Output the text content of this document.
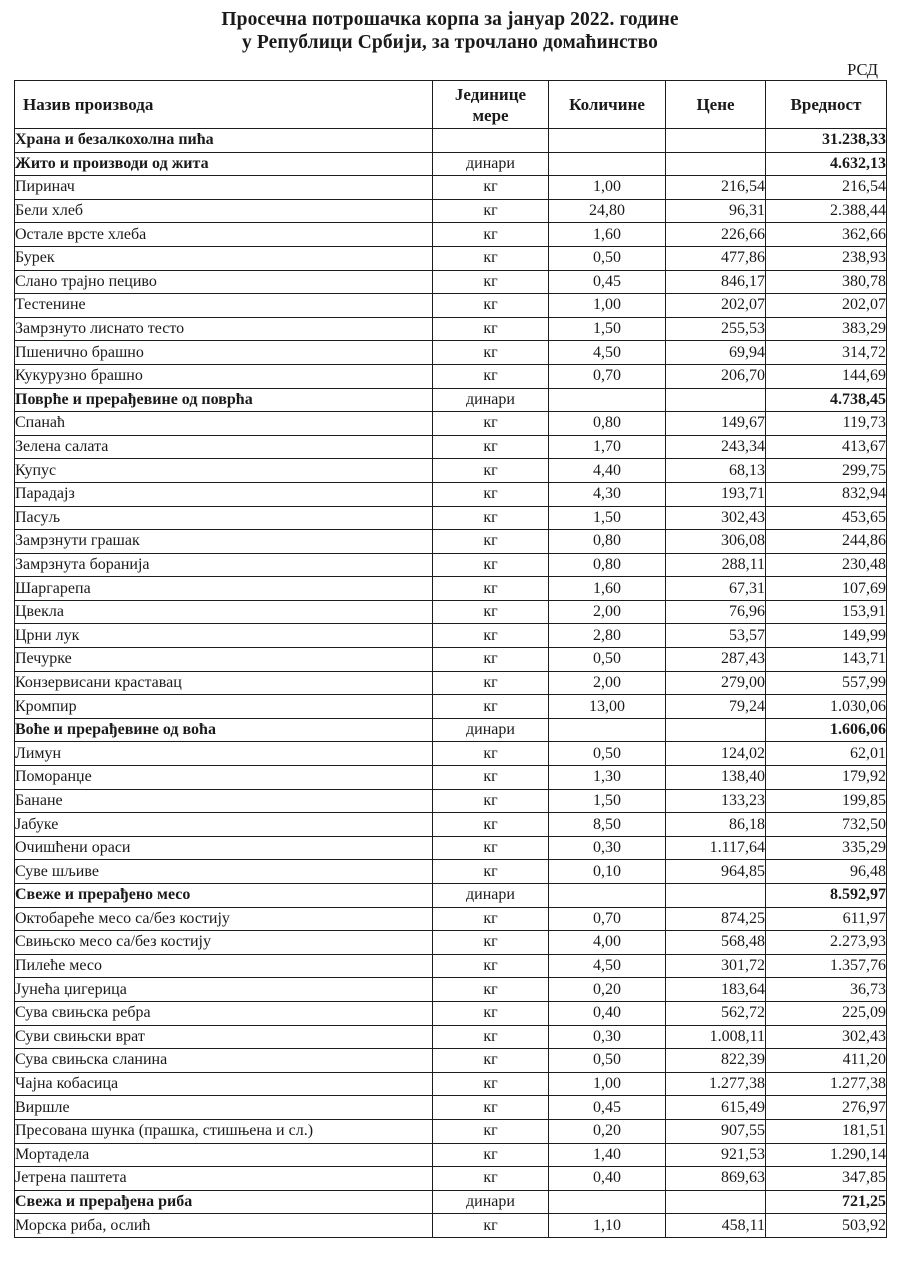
Просечна потрошачка корпа за јануар 2022. године
у Републици Србији, за трочлано домаћинство
РСД
Назив производа	Јединице мере	Количине	Цене	Вредност
Храна и безалкохолна пића				31.238,33
Жито и производи од жита	динари			4.632,13
Пиринач	кг	1,00	216,54	216,54
Бели хлеб	кг	24,80	96,31	2.388,44
Остале врсте хлеба	кг	1,60	226,66	362,66
Бурек	кг	0,50	477,86	238,93
Слано трајно пециво	кг	0,45	846,17	380,78
Тестенине	кг	1,00	202,07	202,07
Замрзнуто лиснато тесто	кг	1,50	255,53	383,29
Пшенично брашно	кг	4,50	69,94	314,72
Кукурузно брашно	кг	0,70	206,70	144,69
Поврће и прерађевине од поврћа	динари			4.738,45
Спанаћ	кг	0,80	149,67	119,73
Зелена салата	кг	1,70	243,34	413,67
Купус	кг	4,40	68,13	299,75
Парадајз	кг	4,30	193,71	832,94
Пасуљ	кг	1,50	302,43	453,65
Замрзнути грашак	кг	0,80	306,08	244,86
Замрзнута боранија	кг	0,80	288,11	230,48
Шаргарепа	кг	1,60	67,31	107,69
Цвекла	кг	2,00	76,96	153,91
Црни лук	кг	2,80	53,57	149,99
Печурке	кг	0,50	287,43	143,71
Конзервисани краставац	кг	2,00	279,00	557,99
Кромпир	кг	13,00	79,24	1.030,06
Воће и прерађевине од воћа	динари			1.606,06
Лимун	кг	0,50	124,02	62,01
Поморанџе	кг	1,30	138,40	179,92
Банане	кг	1,50	133,23	199,85
Јабуке	кг	8,50	86,18	732,50
Очишћени ораси	кг	0,30	1.117,64	335,29
Суве шљиве	кг	0,10	964,85	96,48
Свеже и прерађено месо	динари			8.592,97
Октобареће месо са/без костију	кг	0,70	874,25	611,97
Свињско месо са/без костију	кг	4,00	568,48	2.273,93
Пилеће месо	кг	4,50	301,72	1.357,76
Јунећа џигерица	кг	0,20	183,64	36,73
Сува свињска ребра	кг	0,40	562,72	225,09
Суви свињски врат	кг	0,30	1.008,11	302,43
Сува свињска сланина	кг	0,50	822,39	411,20
Чајна кобасица	кг	1,00	1.277,38	1.277,38
Виршле	кг	0,45	615,49	276,97
Пресована шунка (прашка, стишњена и сл.)	кг	0,20	907,55	181,51
Мортадела	кг	1,40	921,53	1.290,14
Јетрена паштета	кг	0,40	869,63	347,85
Свежа и прерађена риба	динари			721,25
Морска риба, ослић	кг	1,10	458,11	503,92
